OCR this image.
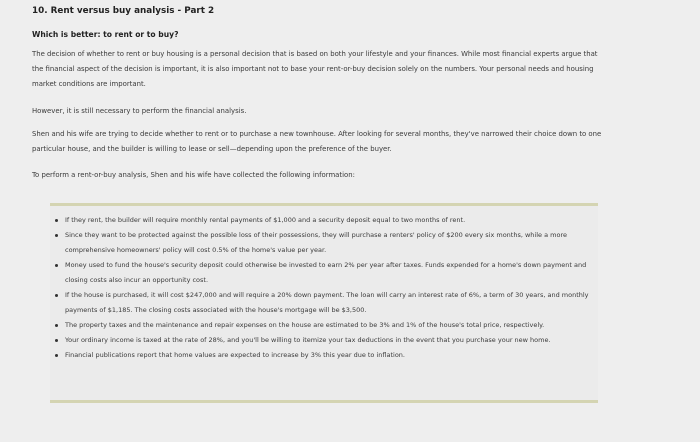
10. Rent versus buy analysis - Part 2
Which is better: to rent or to buy?

The decision of whether to rent or buy housing is a personal decision that is based on both your lifestyle and your finances. While most financial experts argue that the financial aspect of the decision is important, it is also important not to base your rent-or-buy decision solely on the numbers. Your personal needs and housing market conditions are important.

However, it is still necessary to perform the financial analysis.

Shen and his wife are trying to decide whether to rent or to purchase a new townhouse. After looking for several months, they've narrowed their choice down to one particular house, and the builder is willing to lease or sell—depending upon the preference of the buyer.

To perform a rent-or-buy analysis, Shen and his wife have collected the following information:

If they rent, the builder will require monthly rental payments of $1,000 and a security deposit equal to two months of rent.
Since they want to be protected against the possible loss of their possessions, they will purchase a renters' policy of $200 every six months, while a more comprehensive homeowners' policy will cost 0.5% of the home's value per year.
Money used to fund the house's security deposit could otherwise be invested to earn 2% per year after taxes. Funds expended for a home's down payment and closing costs also incur an opportunity cost.
If the house is purchased, it will cost $247,000 and will require a 20% down payment. The loan will carry an interest rate of 6%, a term of 30 years, and monthly payments of $1,185. The closing costs associated with the house's mortgage will be $3,500.
The property taxes and the maintenance and repair expenses on the house are estimated to be 3% and 1% of the house's total price, respectively.
Your ordinary income is taxed at the rate of 28%, and you'll be willing to itemize your tax deductions in the event that you purchase your new home.
Financial publications report that home values are expected to increase by 3% this year due to inflation.
